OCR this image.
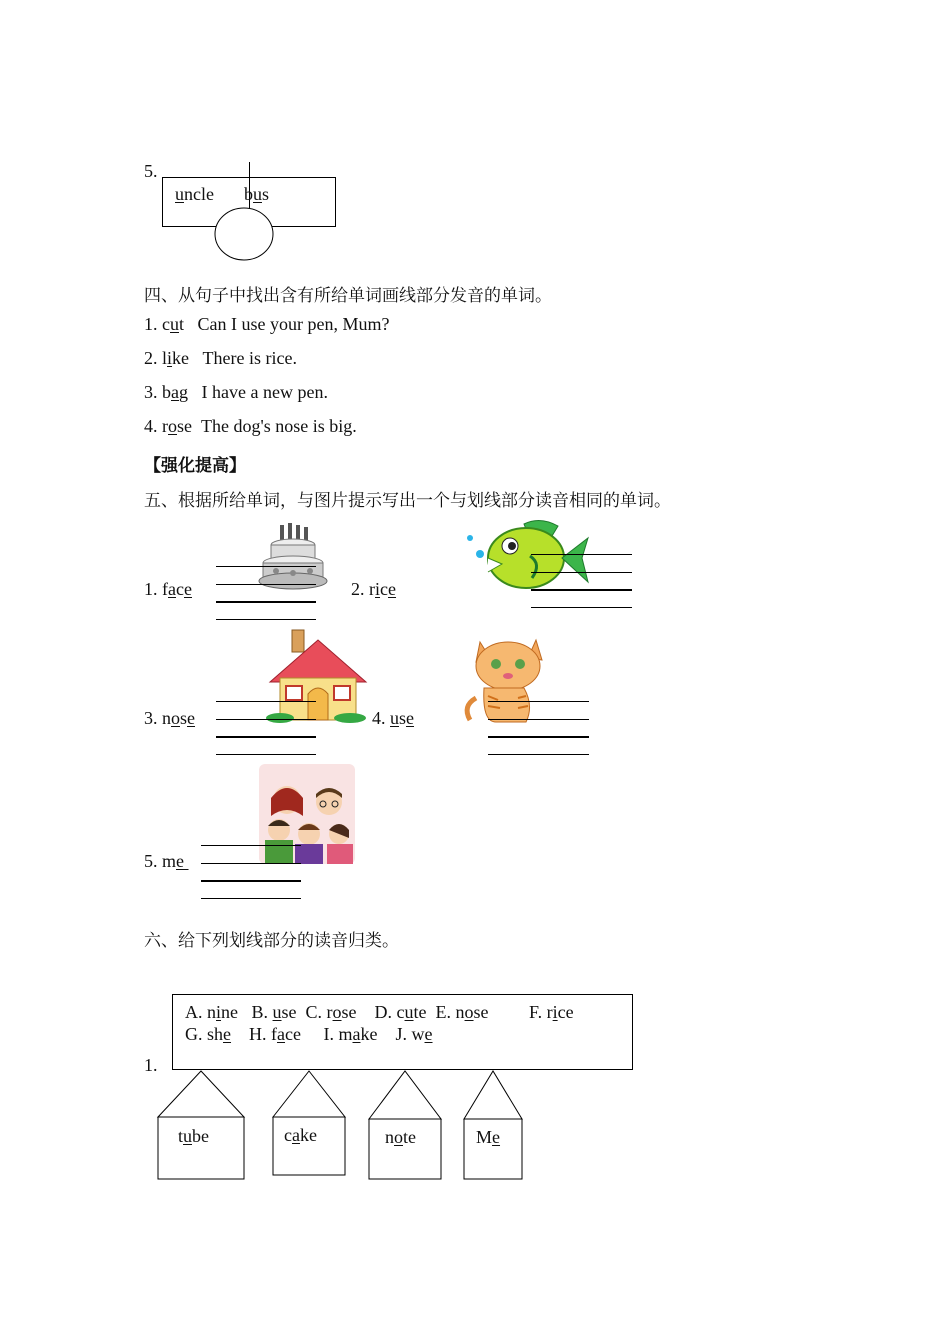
5.
uncle bus
四、从句子中找出含有所给单词画线部分发音的单词。
1. cut Can I use your pen, Mum?
2. like There is rice.
3. bag I have a new pen.
4. rose The dog's nose is big.
【强化提高】
五、根据所给单词，与图片提示写出一个与划线部分读音相同的单词。
1. face	2. rice
3. nose	4. use
5. me
六、给下列划线部分的读音归类。
1.
A. nine B. use C. rose D. cute E. nose F. rice
G. she H. face I. make J. we
tube	cake	note	Me
